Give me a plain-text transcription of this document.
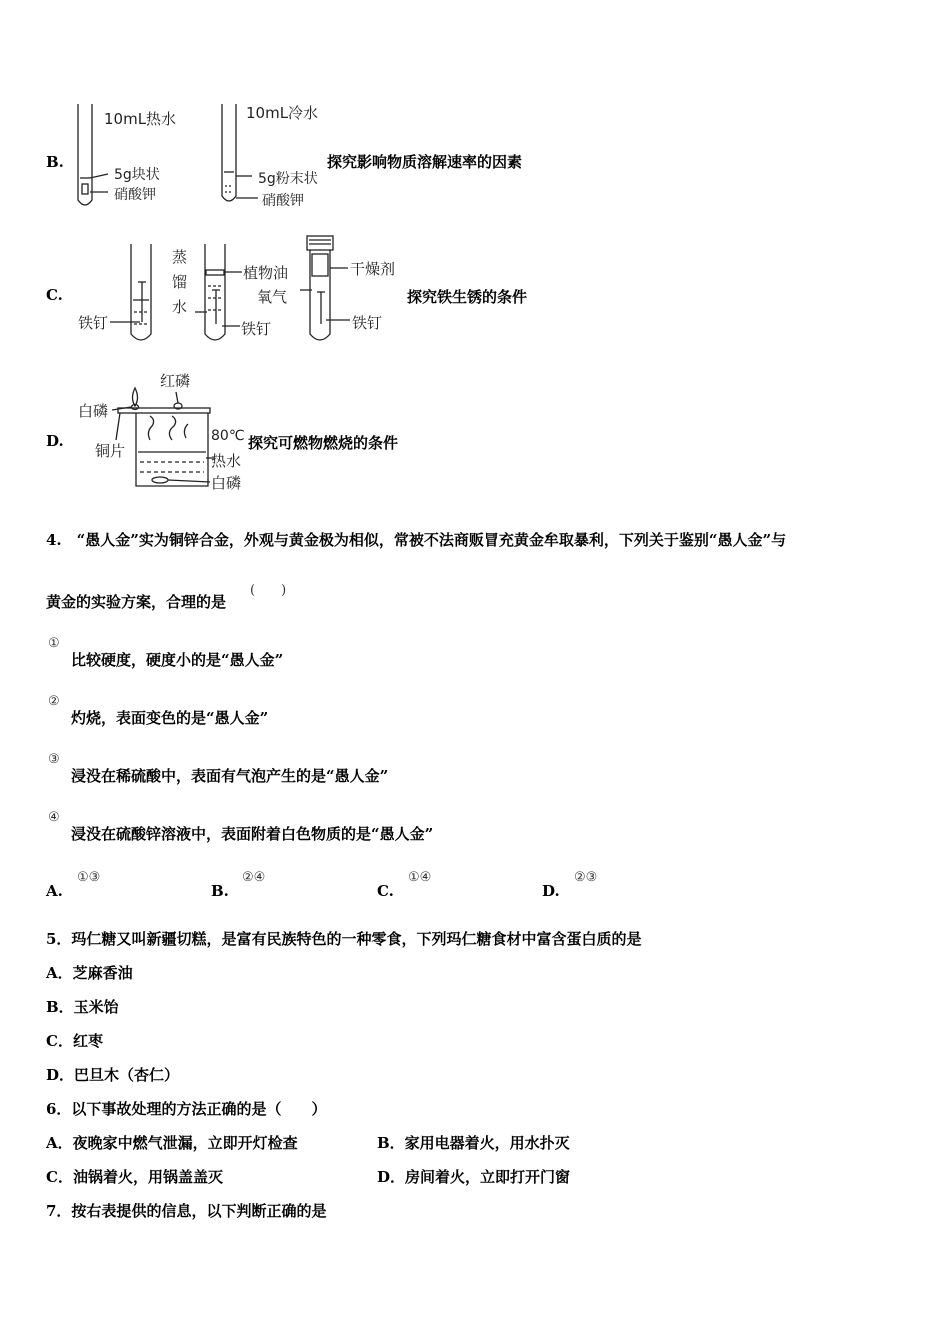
B.
10mL热水
5g块状
硝酸钾
10mL冷水
5g粉末状
硝酸钾
探究影响物质溶解速率的因素
C.
铁钉
蒸
馏
水
植物油
铁钉
干燥剂
氧气
铁钉
探究铁生锈的条件
D.
红磷
白磷
铜片
80℃
热水
白磷
探究可燃物燃烧的条件
4.　“愚人金”实为铜锌合金，外观与黄金极为相似，常被不法商贩冒充黄金牟取暴利，下列关于鉴别“愚人金”与
黄金的实验方案，合理的是
(　　)
①
比较硬度，硬度小的是“愚人金”
②
灼烧，表面变色的是“愚人金”
③
浸没在稀硫酸中，表面有气泡产生的是“愚人金”
④
浸没在硫酸锌溶液中，表面附着白色物质的是“愚人金”
A.
①③
B.
②④
C.
①④
D.
②③
5．玛仁糖又叫新疆切糕，是富有民族特色的一种零食，下列玛仁糖食材中富含蛋白质的是
A．芝麻香油
B．玉米饴
C．红枣
D．巴旦木（杏仁）
6．以下事故处理的方法正确的是（　　）
A．夜晚家中燃气泄漏，立即开灯检查	B．家用电器着火，用水扑灭
C．油锅着火，用锅盖盖灭	D．房间着火，立即打开门窗
7．按右表提供的信息，以下判断正确的是
